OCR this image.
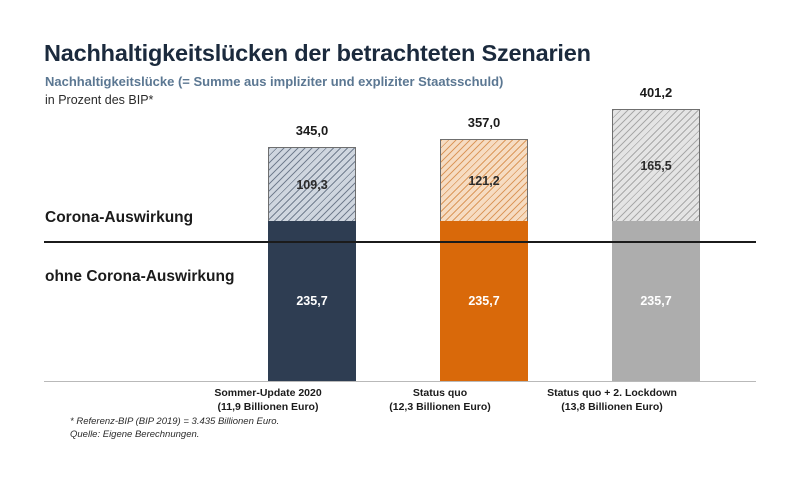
Nachhaltigkeitslücken der betrachteten Szenarien
Nachhaltigkeitslücke (= Summe aus impliziter und expliziter Staatsschuld)
in Prozent des BIP*
345,0
109,3
235,7
357,0
121,2
235,7
401,2
165,5
235,7
Corona-Auswirkung
ohne Corona-Auswirkung
Sommer-Update 2020
(11,9 Billionen Euro)
Status quo
(12,3 Billionen Euro)
Status quo + 2. Lockdown
(13,8 Billionen Euro)
* Referenz-BIP (BIP 2019) = 3.435 Billionen Euro.
Quelle: Eigene Berechnungen.
